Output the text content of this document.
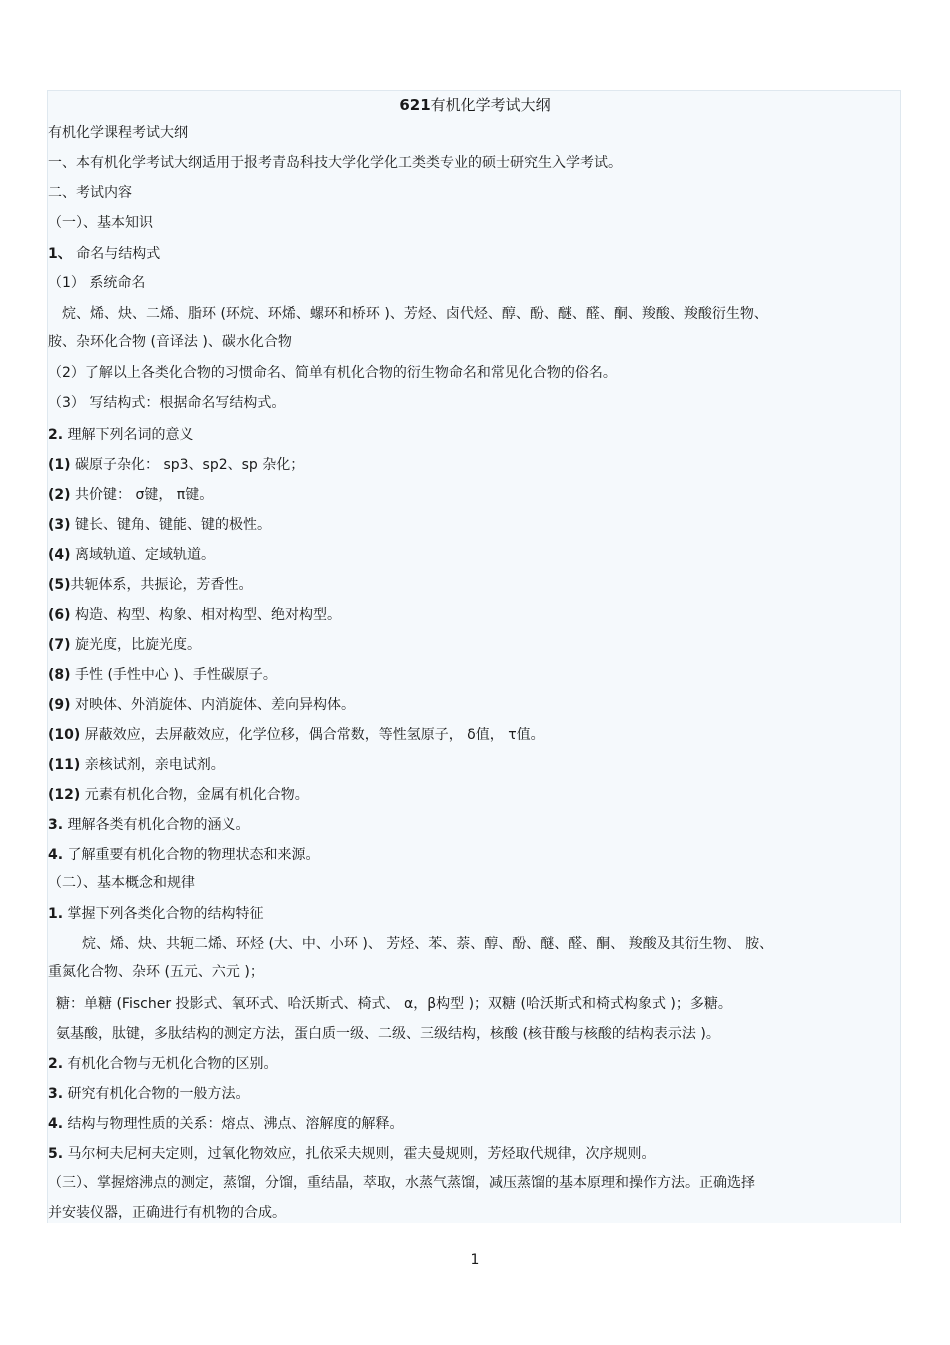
621有机化学考试大纲
有机化学课程考试大纲
一、本有机化学考试大纲适用于报考青岛科技大学化学化工类类专业的硕士研究生入学考试。
二、考试内容
（一）、基本知识
1、 命名与结构式
（1） 系统命名
烷、烯、炔、二烯、脂环 (环烷、环烯、螺环和桥环 )、芳烃、卤代烃、醇、酚、醚、醛、酮、羧酸、羧酸衍生物、
胺、杂环化合物 (音译法 )、碳水化合物
（2）了解以上各类化合物的习惯命名、简单有机化合物的衍生物命名和常见化合物的俗名。
（3） 写结构式：根据命名写结构式。
2. 理解下列名词的意义
(1) 碳原子杂化： sp3、sp2、sp 杂化；
(2) 共价键： σ键， π键。
(3) 键长、键角、键能、键的极性。
(4) 离域轨道、定域轨道。
(5)共轭体系，共振论，芳香性。
(6) 构造、构型、构象、相对构型、绝对构型。
(7) 旋光度，比旋光度。
(8) 手性 (手性中心 )、手性碳原子。
(9) 对映体、外消旋体、内消旋体、差向异构体。
(10) 屏蔽效应，去屏蔽效应，化学位移，偶合常数，等性氢原子， δ值， τ值。
(11) 亲核试剂，亲电试剂。
(12) 元素有机化合物，金属有机化合物。
3. 理解各类有机化合物的涵义。
4. 了解重要有机化合物的物理状态和来源。
（二）、基本概念和规律
1. 掌握下列各类化合物的结构特征
烷、烯、炔、共轭二烯、环烃 (大、中、小环 )、 芳烃、苯、萘、醇、酚、醚、醛、酮、 羧酸及其衍生物、 胺、
重氮化合物、杂环 (五元、六元 )；
糖：单糖 (Fischer 投影式、氧环式、哈沃斯式、椅式、 α，β构型 )；双糖 (哈沃斯式和椅式构象式 )；多糖。
氨基酸，肽键，多肽结构的测定方法，蛋白质一级、二级、三级结构，核酸 (核苷酸与核酸的结构表示法 )。
2. 有机化合物与无机化合物的区别。
3. 研究有机化合物的一般方法。
4. 结构与物理性质的关系：熔点、沸点、溶解度的解释。
5. 马尔柯夫尼柯夫定则，过氧化物效应，扎依采夫规则，霍夫曼规则，芳烃取代规律，次序规则。
（三）、掌握熔沸点的测定，蒸馏，分馏，重结晶，萃取，水蒸气蒸馏，减压蒸馏的基本原理和操作方法。正确选择
并安装仪器，正确进行有机物的合成。
1
